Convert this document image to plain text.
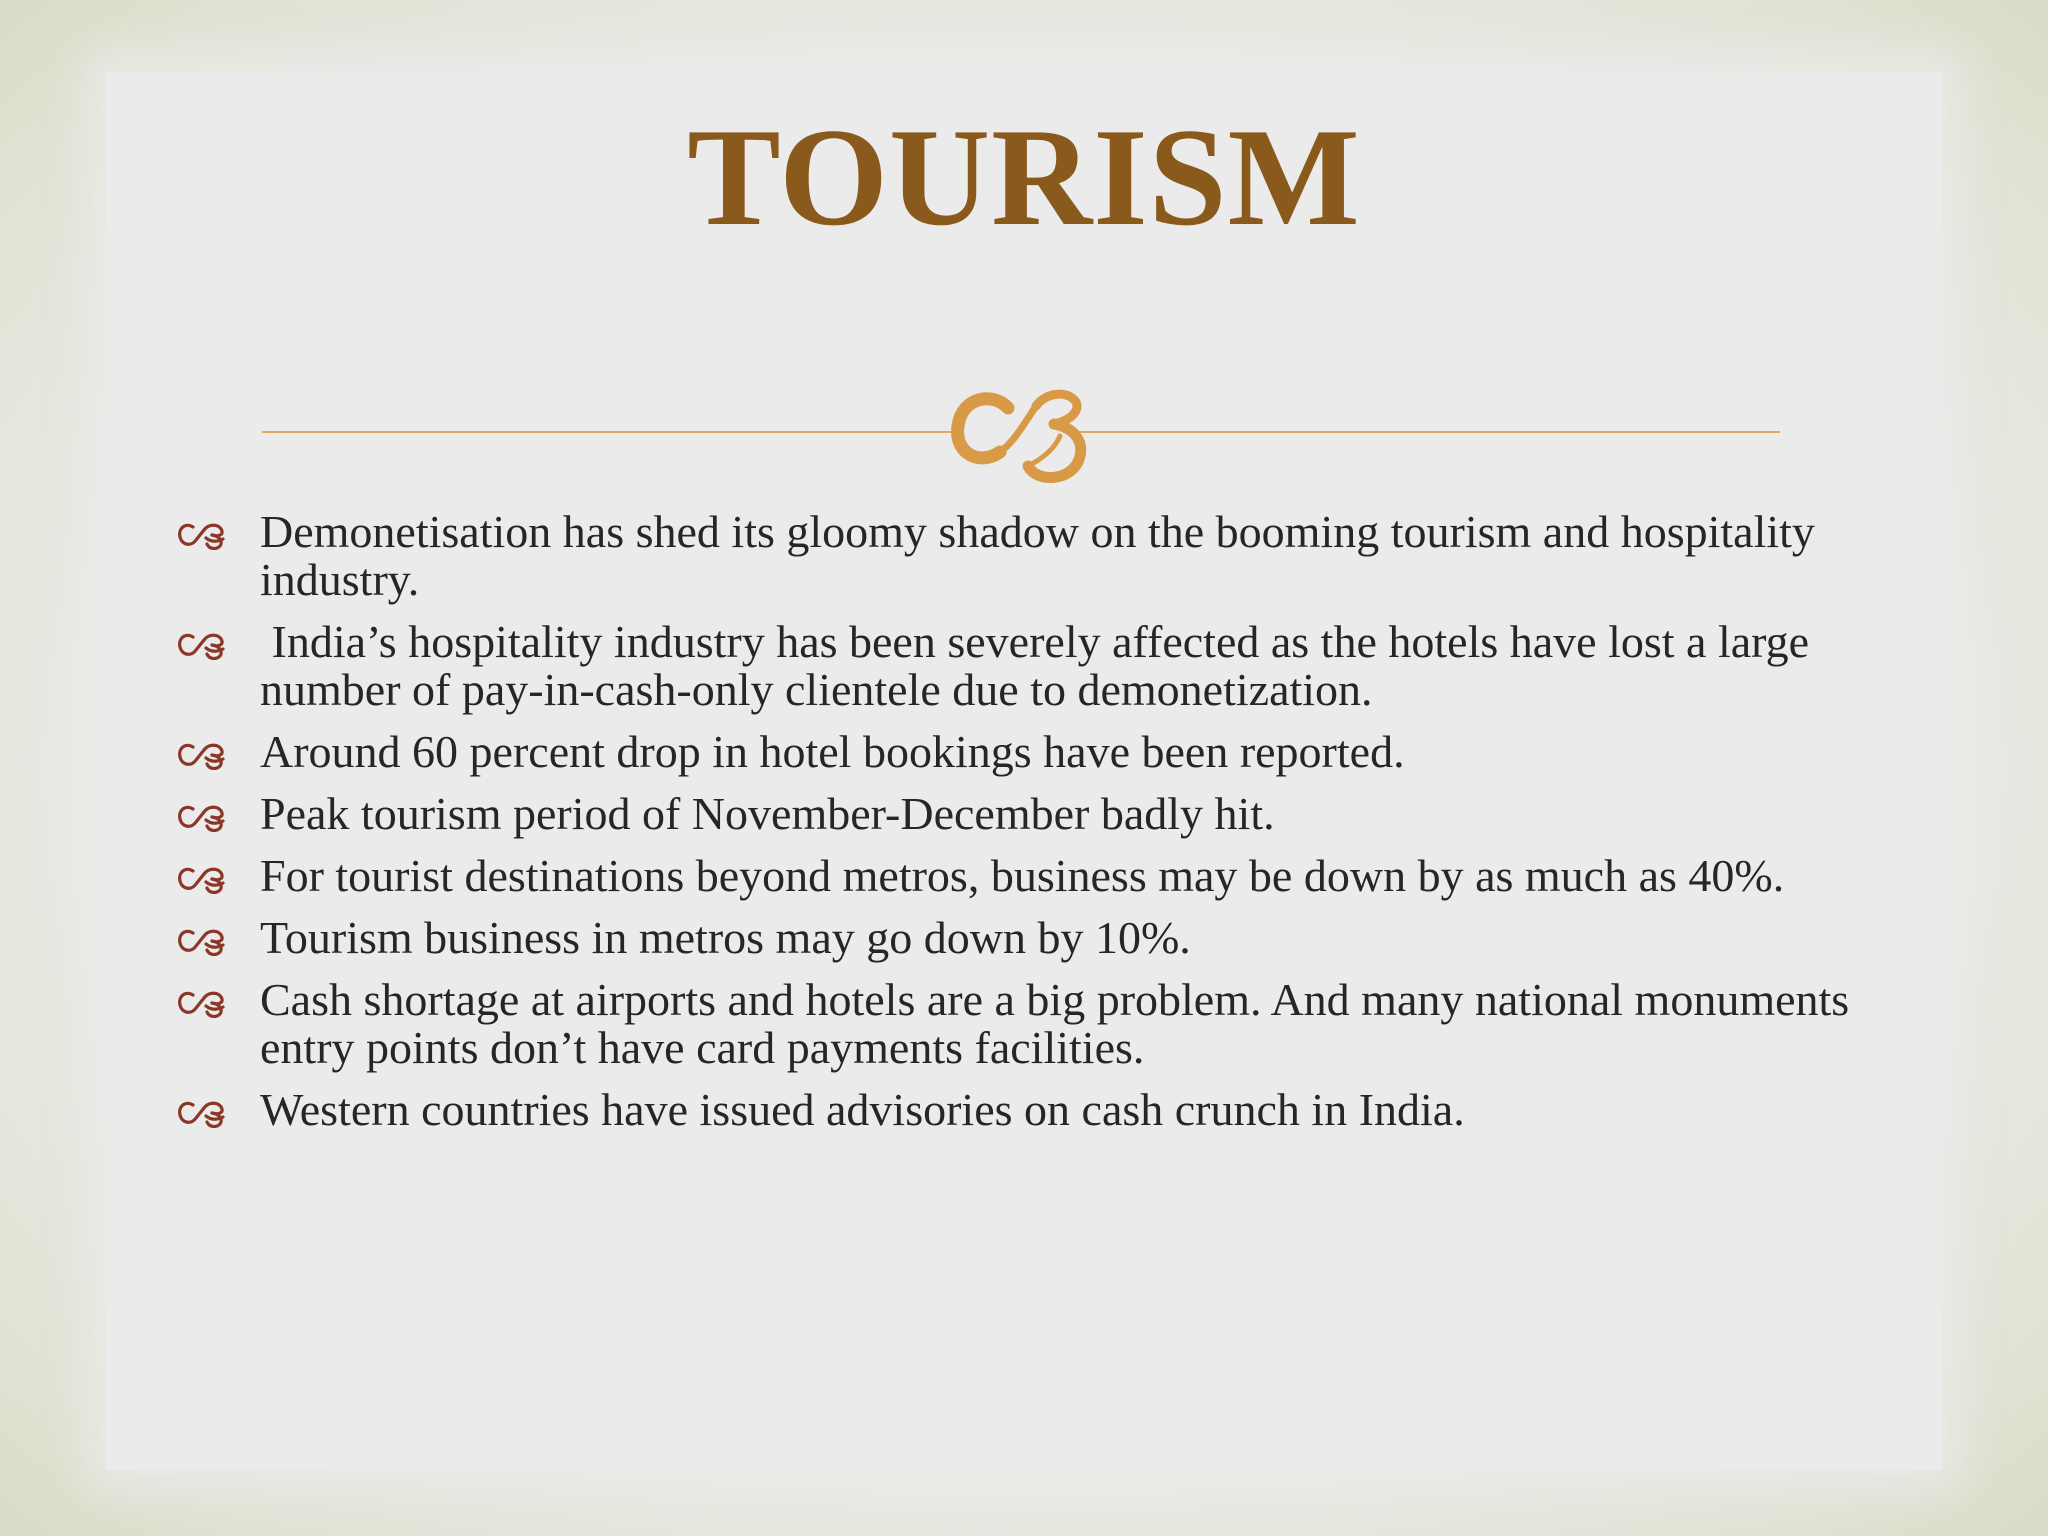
TOURISM
Demonetisation has shed its gloomy shadow on the booming tourism and hospitality industry.
India’s hospitality industry has been severely affected as the hotels have lost a large number of pay-in-cash-only clientele due to demonetization.
Around 60 percent drop in hotel bookings have been reported.
Peak tourism period of November-December badly hit.
For tourist destinations beyond metros, business may be down by as much as 40%.
Tourism business in metros may go down by 10%.
Cash shortage at airports and hotels are a big problem. And many national monuments entry points don’t have card payments facilities.
Western countries have issued advisories on cash crunch in India.
